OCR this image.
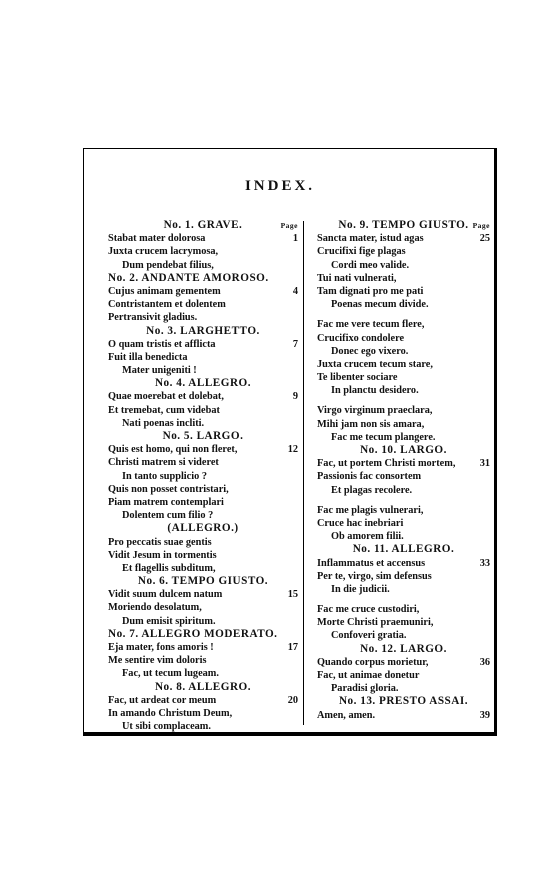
INDEX.
No. 1. GRAVE.	Page
Stabat mater dolorosa	1
Juxta crucem lacrymosa,
Dum pendebat filius,
No. 2. ANDANTE AMOROSO.
Cujus animam gementem	4
Contristantem et dolentem
Pertransivit gladius.
No. 3. LARGHETTO.
O quam tristis et afflicta	7
Fuit illa benedicta
Mater unigeniti !
No. 4. ALLEGRO.
Quae moerebat et dolebat,	9
Et tremebat, cum videbat
Nati poenas incliti.
No. 5. LARGO.
Quis est homo, qui non fleret,	12
Christi matrem si videret
In tanto supplicio ?
Quis non posset contristari,
Piam matrem contemplari
Dolentem cum filio ?
(ALLEGRO.)
Pro peccatis suae gentis
Vidit Jesum in tormentis
Et flagellis subditum,
No. 6. TEMPO GIUSTO.
Vidit suum dulcem natum	15
Moriendo desolatum,
Dum emisit spiritum.
No. 7. ALLEGRO MODERATO.
Eja mater, fons amoris !	17
Me sentire vim doloris
Fac, ut tecum lugeam.
No. 8. ALLEGRO.
Fac, ut ardeat cor meum	20
In amando Christum Deum,
Ut sibi complaceam.
No. 9. TEMPO GIUSTO. Page
Sancta mater, istud agas	25
Crucifixi fige plagas
Cordi meo valide.
Tui nati vulnerati,
Tam dignati pro me pati
Poenas mecum divide.
Fac me vere tecum flere,
Crucifixo condolere
Donec ego vixero.
Juxta crucem tecum stare,
Te libenter sociare
In planctu desidero.
Virgo virginum praeclara,
Mihi jam non sis amara,
Fac me tecum plangere.
No. 10. LARGO.
Fac, ut portem Christi mortem, 31
Passionis fac consortem
Et plagas recolere.
Fac me plagis vulnerari,
Cruce hac inebriari
Ob amorem filii.
No. 11. ALLEGRO.
Inflammatus et accensus	33
Per te, virgo, sim defensus
In die judicii.
Fac me cruce custodiri,
Morte Christi praemuniri,
Confoveri gratia.
No. 12. LARGO.
Quando corpus morietur,	36
Fac, ut animae donetur
Paradisi gloria.
No. 13. PRESTO ASSAI.
Amen, amen.	39
